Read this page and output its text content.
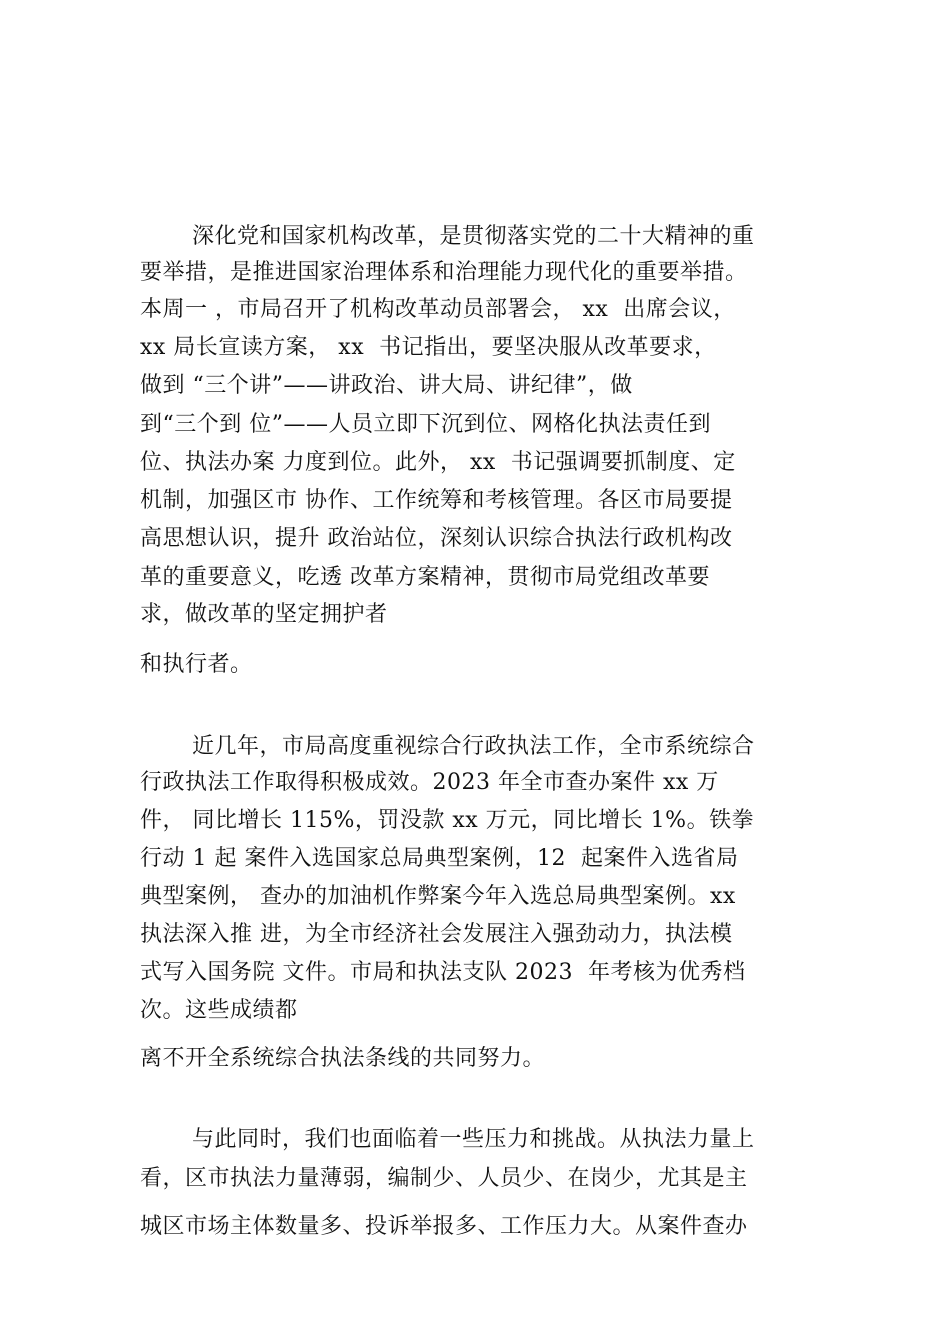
深化党和国家机构改革，是贯彻落实党的二十大精神的重
要举措，是推进国家治理体系和治理能力现代化的重要举措。
本周一 ，市局召开了机构改革动员部署会， xx  出席会议，
xx 局长宣读方案， xx  书记指出，要坚决服从改革要求，
做到 “三个讲”——讲政治、讲大局、讲纪律”，做
到“三个到 位”——人员立即下沉到位、网格化执法责任到
位、执法办案 力度到位。此外， xx  书记强调要抓制度、定
机制，加强区市 协作、工作统筹和考核管理。各区市局要提
高思想认识，提升 政治站位，深刻认识综合执法行政机构改
革的重要意义，吃透 改革方案精神，贯彻市局党组改革要
求，做改革的坚定拥护者
和执行者。
近几年，市局高度重视综合行政执法工作，全市系统综合
行政执法工作取得积极成效。2023 年全市查办案件 xx 万
件， 同比增长 115%，罚没款 xx 万元，同比增长 1%。铁拳
行动 1 起 案件入选国家总局典型案例，12  起案件入选省局
典型案例， 查办的加油机作弊案今年入选总局典型案例。xx
执法深入推 进，为全市经济社会发展注入强劲动力，执法模
式写入国务院 文件。市局和执法支队 2023  年考核为优秀档
次。这些成绩都
离不开全系统综合执法条线的共同努力。
与此同时，我们也面临着一些压力和挑战。从执法力量上
看，区市执法力量薄弱，编制少、人员少、在岗少，尤其是主
城区市场主体数量多、投诉举报多、工作压力大。从案件查办
